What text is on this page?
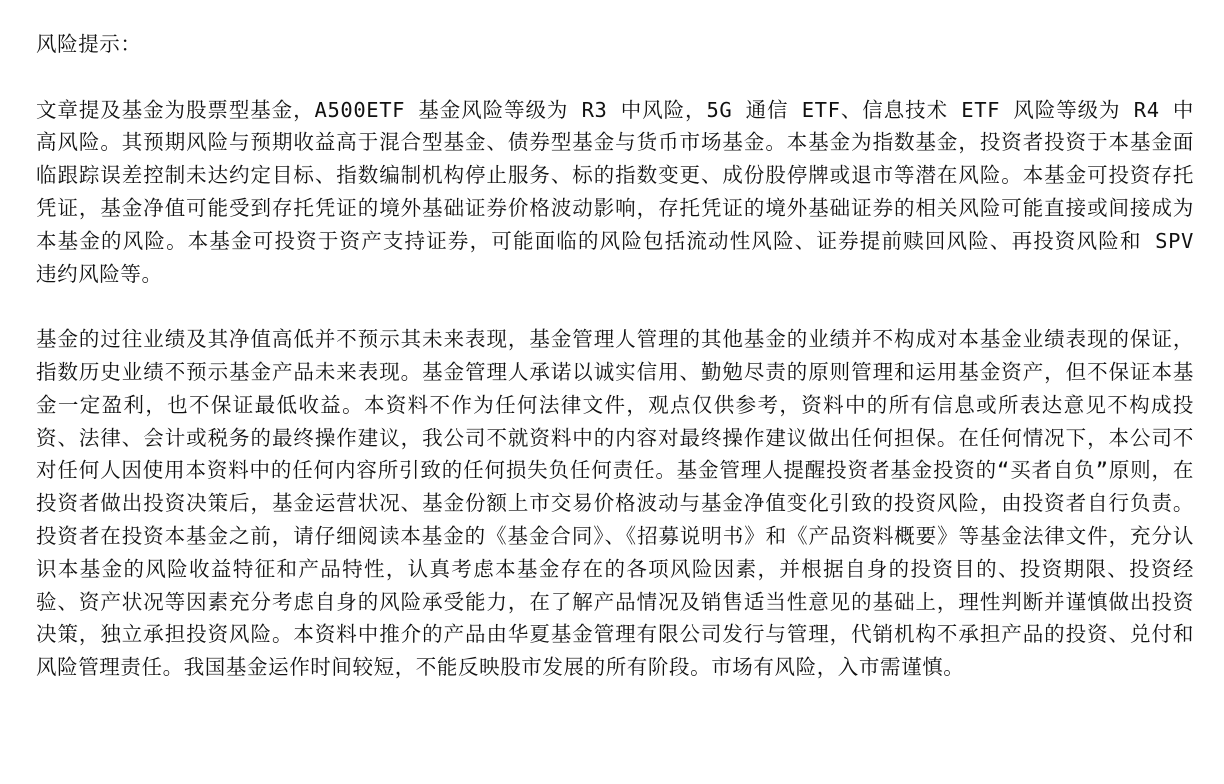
风险提示：

文章提及基金为股票型基金，A500ETF 基金风险等级为 R3 中风险，5G 通信 ETF、信息技术 ETF 风险等级为 R4 中高风险。其预期风险与预期收益高于混合型基金、债券型基金与货币市场基金。本基金为指数基金，投资者投资于本基金面临跟踪误差控制未达约定目标、指数编制机构停止服务、标的指数变更、成份股停牌或退市等潜在风险。本基金可投资存托凭证，基金净值可能受到存托凭证的境外基础证券价格波动影响，存托凭证的境外基础证券的相关风险可能直接或间接成为本基金的风险。本基金可投资于资产支持证券，可能面临的风险包括流动性风险、证券提前赎回风险、再投资风险和 SPV 违约风险等。

基金的过往业绩及其净值高低并不预示其未来表现，基金管理人管理的其他基金的业绩并不构成对本基金业绩表现的保证，指数历史业绩不预示基金产品未来表现。基金管理人承诺以诚实信用、勤勉尽责的原则管理和运用基金资产，但不保证本基金一定盈利，也不保证最低收益。本资料不作为任何法律文件，观点仅供参考，资料中的所有信息或所表达意见不构成投资、法律、会计或税务的最终操作建议，我公司不就资料中的内容对最终操作建议做出任何担保。在任何情况下，本公司不对任何人因使用本资料中的任何内容所引致的任何损失负任何责任。基金管理人提醒投资者基金投资的“买者自负”原则，在投资者做出投资决策后，基金运营状况、基金份额上市交易价格波动与基金净值变化引致的投资风险，由投资者自行负责。投资者在投资本基金之前，请仔细阅读本基金的《基金合同》、《招募说明书》和《产品资料概要》等基金法律文件，充分认识本基金的风险收益特征和产品特性，认真考虑本基金存在的各项风险因素，并根据自身的投资目的、投资期限、投资经验、资产状况等因素充分考虑自身的风险承受能力，在了解产品情况及销售适当性意见的基础上，理性判断并谨慎做出投资决策，独立承担投资风险。本资料中推介的产品由华夏基金管理有限公司发行与管理，代销机构不承担产品的投资、兑付和风险管理责任。我国基金运作时间较短，不能反映股市发展的所有阶段。市场有风险，入市需谨慎。
